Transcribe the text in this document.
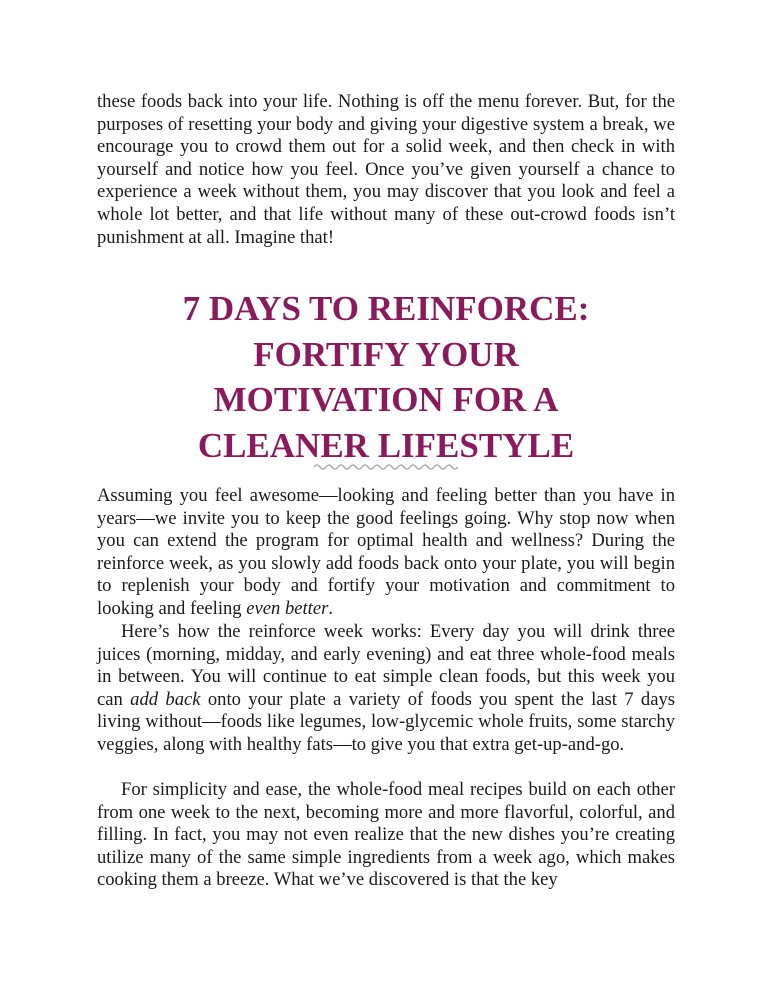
these foods back into your life. Nothing is off the menu forever. But, for the purposes of resetting your body and giving your digestive system a break, we encourage you to crowd them out for a solid week, and then check in with yourself and notice how you feel. Once you’ve given yourself a chance to experience a week without them, you may discover that you look and feel a whole lot better, and that life without many of these out-crowd foods isn’t punishment at all. Imagine that!

7 DAYS TO REINFORCE:
FORTIFY YOUR
MOTIVATION FOR A
CLEANER LIFESTYLE

Assuming you feel awesome—looking and feeling better than you have in years—we invite you to keep the good feelings going. Why stop now when you can extend the program for optimal health and wellness? During the reinforce week, as you slowly add foods back onto your plate, you will begin to replenish your body and fortify your motivation and commitment to looking and feeling even better.

Here’s how the reinforce week works: Every day you will drink three juices (morning, midday, and early evening) and eat three whole-food meals in between. You will continue to eat simple clean foods, but this week you can add back onto your plate a variety of foods you spent the last 7 days living without—foods like legumes, low-glycemic whole fruits, some starchy veggies, along with healthy fats—to give you that extra get-up-and-go.

For simplicity and ease, the whole-food meal recipes build on each other from one week to the next, becoming more and more flavorful, colorful, and filling. In fact, you may not even realize that the new dishes you’re creating utilize many of the same simple ingredients from a week ago, which makes cooking them a breeze. What we’ve discovered is that the key
